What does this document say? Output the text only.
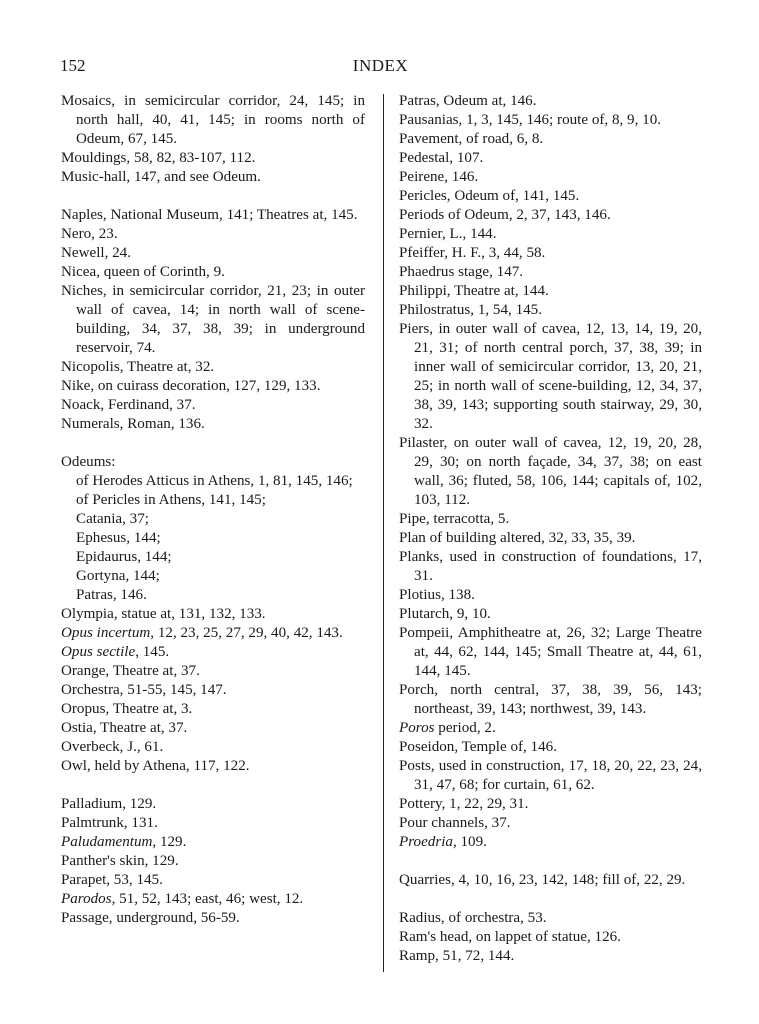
152	INDEX
Mosaics, in semicircular corridor, 24, 145; in north hall, 40, 41, 145; in rooms north of Odeum, 67, 145.
Mouldings, 58, 82, 83-107, 112.
Music-hall, 147, and see Odeum.
Naples, National Museum, 141; Theatres at, 145.
Nero, 23.
Newell, 24.
Nicea, queen of Corinth, 9.
Niches, in semicircular corridor, 21, 23; in outer wall of cavea, 14; in north wall of scene-building, 34, 37, 38, 39; in underground reservoir, 74.
Nicopolis, Theatre at, 32.
Nike, on cuirass decoration, 127, 129, 133.
Noack, Ferdinand, 37.
Numerals, Roman, 136.
Odeums:
of Herodes Atticus in Athens, 1, 81, 145, 146;
of Pericles in Athens, 141, 145;
Catania, 37;
Ephesus, 144;
Epidaurus, 144;
Gortyna, 144;
Patras, 146.
Olympia, statue at, 131, 132, 133.
Opus incertum, 12, 23, 25, 27, 29, 40, 42, 143.
Opus sectile, 145.
Orange, Theatre at, 37.
Orchestra, 51-55, 145, 147.
Oropus, Theatre at, 3.
Ostia, Theatre at, 37.
Overbeck, J., 61.
Owl, held by Athena, 117, 122.
Palladium, 129.
Palmtrunk, 131.
Paludamentum, 129.
Panther's skin, 129.
Parapet, 53, 145.
Parodos, 51, 52, 143; east, 46; west, 12.
Passage, underground, 56-59.
Patras, Odeum at, 146.
Pausanias, 1, 3, 145, 146; route of, 8, 9, 10.
Pavement, of road, 6, 8.
Pedestal, 107.
Peirene, 146.
Pericles, Odeum of, 141, 145.
Periods of Odeum, 2, 37, 143, 146.
Pernier, L., 144.
Pfeiffer, H. F., 3, 44, 58.
Phaedrus stage, 147.
Philippi, Theatre at, 144.
Philostratus, 1, 54, 145.
Piers, in outer wall of cavea, 12, 13, 14, 19, 20, 21, 31; of north central porch, 37, 38, 39; in inner wall of semicircular corridor, 13, 20, 21, 25; in north wall of scene-building, 12, 34, 37, 38, 39, 143; supporting south stairway, 29, 30, 32.
Pilaster, on outer wall of cavea, 12, 19, 20, 28, 29, 30; on north façade, 34, 37, 38; on east wall, 36; fluted, 58, 106, 144; capitals of, 102, 103, 112.
Pipe, terracotta, 5.
Plan of building altered, 32, 33, 35, 39.
Planks, used in construction of foundations, 17, 31.
Plotius, 138.
Plutarch, 9, 10.
Pompeii, Amphitheatre at, 26, 32; Large Theatre at, 44, 62, 144, 145; Small Theatre at, 44, 61, 144, 145.
Porch, north central, 37, 38, 39, 56, 143; northeast, 39, 143; northwest, 39, 143.
Poros period, 2.
Poseidon, Temple of, 146.
Posts, used in construction, 17, 18, 20, 22, 23, 24, 31, 47, 68; for curtain, 61, 62.
Pottery, 1, 22, 29, 31.
Pour channels, 37.
Proedria, 109.
Quarries, 4, 10, 16, 23, 142, 148; fill of, 22, 29.
Radius, of orchestra, 53.
Ram's head, on lappet of statue, 126.
Ramp, 51, 72, 144.
